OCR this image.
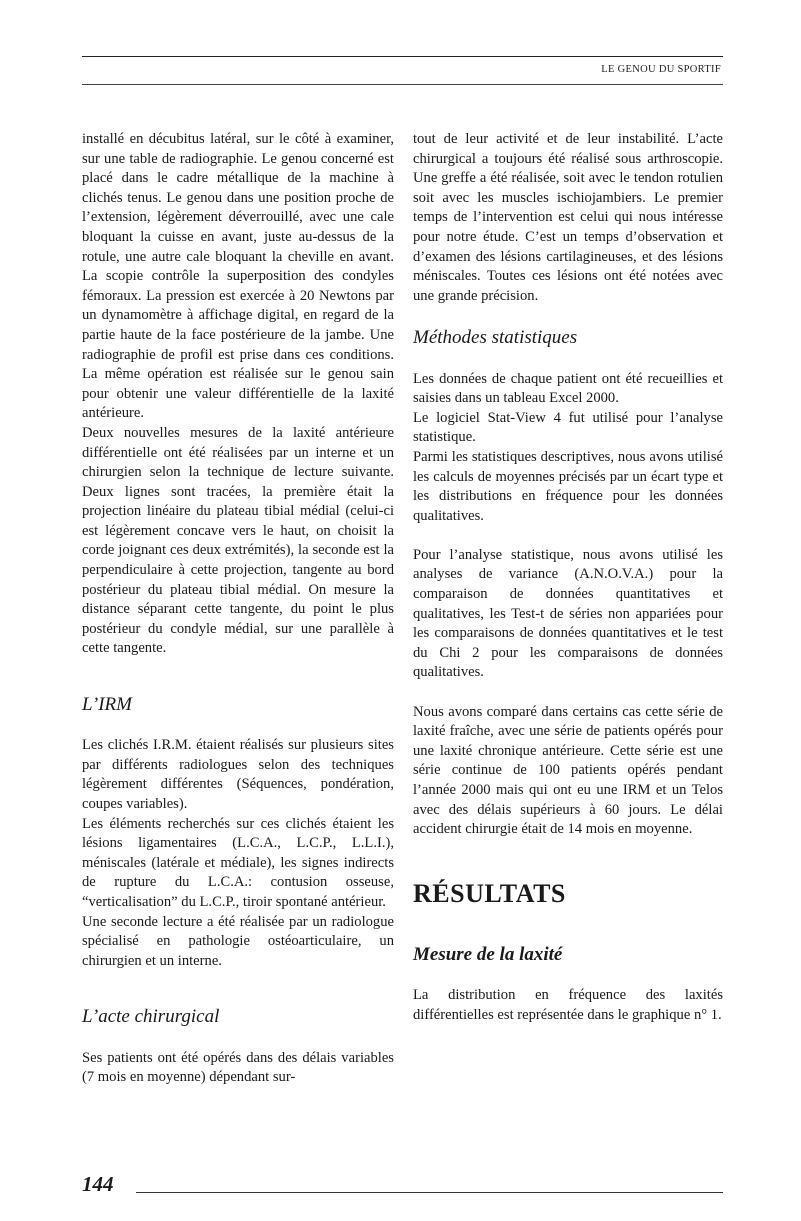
LE GENOU DU SPORTIF

installé en décubitus latéral, sur le côté à examiner, sur une table de radiographie. Le genou concerné est placé dans le cadre métallique de la machine à clichés tenus. Le genou dans une position proche de l’extension, légèrement déverrouillé, avec une cale bloquant la cuisse en avant, juste au-dessus de la rotule, une autre cale bloquant la cheville en avant. La scopie contrôle la superposition des condyles fémoraux. La pression est exercée à 20 Newtons par un dynamomètre à affichage digital, en regard de la partie haute de la face postérieure de la jambe. Une radiographie de profil est prise dans ces conditions. La même opération est réalisée sur le genou sain pour obtenir une valeur différentielle de la laxité antérieure.

Deux nouvelles mesures de la laxité antérieure différentielle ont été réalisées par un interne et un chirurgien selon la technique de lecture suivante. Deux lignes sont tracées, la première était la projection linéaire du plateau tibial médial (celui-ci est légèrement concave vers le haut, on choisit la corde joignant ces deux extrémités), la seconde est la perpendiculaire à cette projection, tangente au bord postérieur du plateau tibial médial. On mesure la distance séparant cette tangente, du point le plus postérieur du condyle médial, sur une parallèle à cette tangente.

L’IRM

Les clichés I.R.M. étaient réalisés sur plusieurs sites par différents radiologues selon des techniques légèrement différentes (Séquences, pondération, coupes variables).

Les éléments recherchés sur ces clichés étaient les lésions ligamentaires (L.C.A., L.C.P., L.L.I.), méniscales (latérale et médiale), les signes indirects de rupture du L.C.A.: contusion osseuse, “verticalisation” du L.C.P., tiroir spontané antérieur.

Une seconde lecture a été réalisée par un radiologue spécialisé en pathologie ostéoarticulaire, un chirurgien et un interne.

L’acte chirurgical

Ses patients ont été opérés dans des délais variables (7 mois en moyenne) dépendant sur-

tout de leur activité et de leur instabilité. L’acte chirurgical a toujours été réalisé sous arthroscopie. Une greffe a été réalisée, soit avec le tendon rotulien soit avec les muscles ischiojambiers. Le premier temps de l’intervention est celui qui nous intéresse pour notre étude. C’est un temps d’observation et d’examen des lésions cartilagineuses, et des lésions méniscales. Toutes ces lésions ont été notées avec une grande précision.

Méthodes statistiques

Les données de chaque patient ont été recueillies et saisies dans un tableau Excel 2000.

Le logiciel Stat-View 4 fut utilisé pour l’analyse statistique.

Parmi les statistiques descriptives, nous avons utilisé les calculs de moyennes précisés par un écart type et les distributions en fréquence pour les données qualitatives.

Pour l’analyse statistique, nous avons utilisé les analyses de variance (A.N.O.V.A.) pour la comparaison de données quantitatives et qualitatives, les Test-t de séries non appariées pour les comparaisons de données quantitatives et le test du Chi 2 pour les comparaisons de données qualitatives.

Nous avons comparé dans certains cas cette série de laxité fraîche, avec une série de patients opérés pour une laxité chronique antérieure. Cette série est une série continue de 100 patients opérés pendant l’année 2000 mais qui ont eu une IRM et un Telos avec des délais supérieurs à 60 jours. Le délai accident chirurgie était de 14 mois en moyenne.

RÉSULTATS
Mesure de la laxité

La distribution en fréquence des laxités différentielles est représentée dans le graphique n° 1.

144
